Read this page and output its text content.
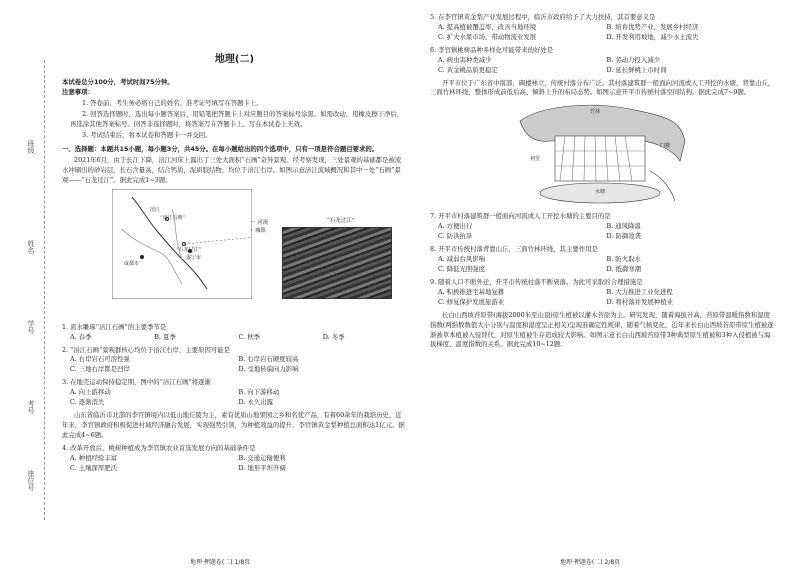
班级
姓名
学号
考号
座位号
地理(二)
本试卷总分100分，考试时间75分钟。
注意事项：
1. 答卷前，考生务必将自己的姓名、准考证号填写在答题卡上。
2. 回答选择题时，选出每小题答案后，用铅笔把答题卡上对应题目的答案标号涂黑。如需改动，用橡皮擦干净后，再选涂其他答案标号。回答非选择题时，将答案写在答题卡上。写在本试卷上无效。
3. 考试结束后，将本试卷和答题卡一并交回。
一、选择题：本题共15小题，每小题3分，共45分。在每小题给出的四个选项中，只有一项是符合题目要求的。
2021年6月，由于长江下降，涪江河床上露出了三处大面积“石画”奇异景观。经考察发现，三处景观的基础都是被流水冲刷出的砂岩层，长石含量高，结合钙质，泥质胶结物，均位于涪江右岸。如图示意涪江流域概况和其中一处“石画”景观——“石龙过江”。据此完成1~3题。
涪江
“涪江石画”
“石龙过江”
成都市
遂宁市
～ 河流
◦ 城镇
“石龙过江”
1. 流水雕琢“涪江石画”的主要季节是
A. 春季	B. 夏季	C. 秋季	D. 冬季
2. “涪江石画”景观群核心均位于涪江右岸，主要原因可能是
A. 右岸岩石可溶性强	B. 右岸岩石硬度较高
C. 三地右岸都是凹岸	D. 受地转偏向力影响
3. 在地壳运动保持稳定期，图中的“涪江石画”将逐渐
A. 向上游移动	B. 向下游移动
C. 逐渐消失	D. 永久出露
山东省临沂市北部的李官镇境内以低山地丘陵为主，素有优质山地果园之乡和名优产品，有着60余年的栽培历史，近年来，李官镇政府积极促进村域经济融合发展，实现强势引领，为种植效益的提升，李官镇黄金梨种植总面积达1亿元。据此完成4~6题。
4. 改革开放后，桃树种植成为李官镇农业首选发展方向的基础条件是
A. 种植经验丰富	B. 交通运输便利
C. 土壤深厚肥沃	D. 地形平坦开阔
地理·押题卷(二) 1/8页
5. 在李官镇黄金梨产业发展过程中，临沂市政府给予了大力扶持，其首要意义是
A. 提高植被覆盖率，改善当地环境	B. 培育优势产业，发展乡村经济
C. 扩大水果市场，带动物流业发展	D. 开发利用坡地，减少水土流失
6. 李官镇桃树品种多样化可能带来的好处是
A. 病虫害种类减少	B. 劳动力投入减少
C. 黄金桃品质更稳定	D. 延长鲜桃上市时间
开平市位于广东省中南部，碉楼林立，传统村落分布广泛。其村落建筑群一般面向河流或人工开挖的水塘，背靠山丘，三面竹林环绕，整体形成前低后高、倾斜上升的布局态势。如图示意开平市传统村落空间结构。据此完成7~9题。
门楼
祠堂
水塘
竹林
7. 开平市村落建筑群一般面向河流或人工开挖水塘的主要目的是
A. 方便出行	B. 通风降温
C. 防洪抗旱	D. 防御敌袭
8. 开平市传统村落背靠山丘，三面竹林环绕，其主要作用是
A. 减弱台风影响	B. 防火取水
C. 降低光照强度	D. 抵御寒潮
9. 随着人口不断外迁，开平市传统村落不断衰落。为此可采取的合理措施是
A. 积极推进宅基地复耕	B. 大力推进工业化进程
C. 修复保护发展旅游业	D. 将村落并发展种植业
长白山西坡苔原带(海拔2000米至山顶)原生植被以灌木苔原为主。研究发现，随着海拔升高，苔原带温暖指数和湿度指数(两指数数值大小分别与温度和湿度呈正相关)呈现准确定性规律，随着气候变化，近年来长白山西坡苔原带原生植被逐渐被草本植被入侵替代，对原生植被生存造成较大影响。如图示意长白山西坡苔原带3种典型原生植被和3种入侵植被与海拔梯度、温度指数的关系。据此完成10~12题。
地理·押题卷(二) 2/8页
